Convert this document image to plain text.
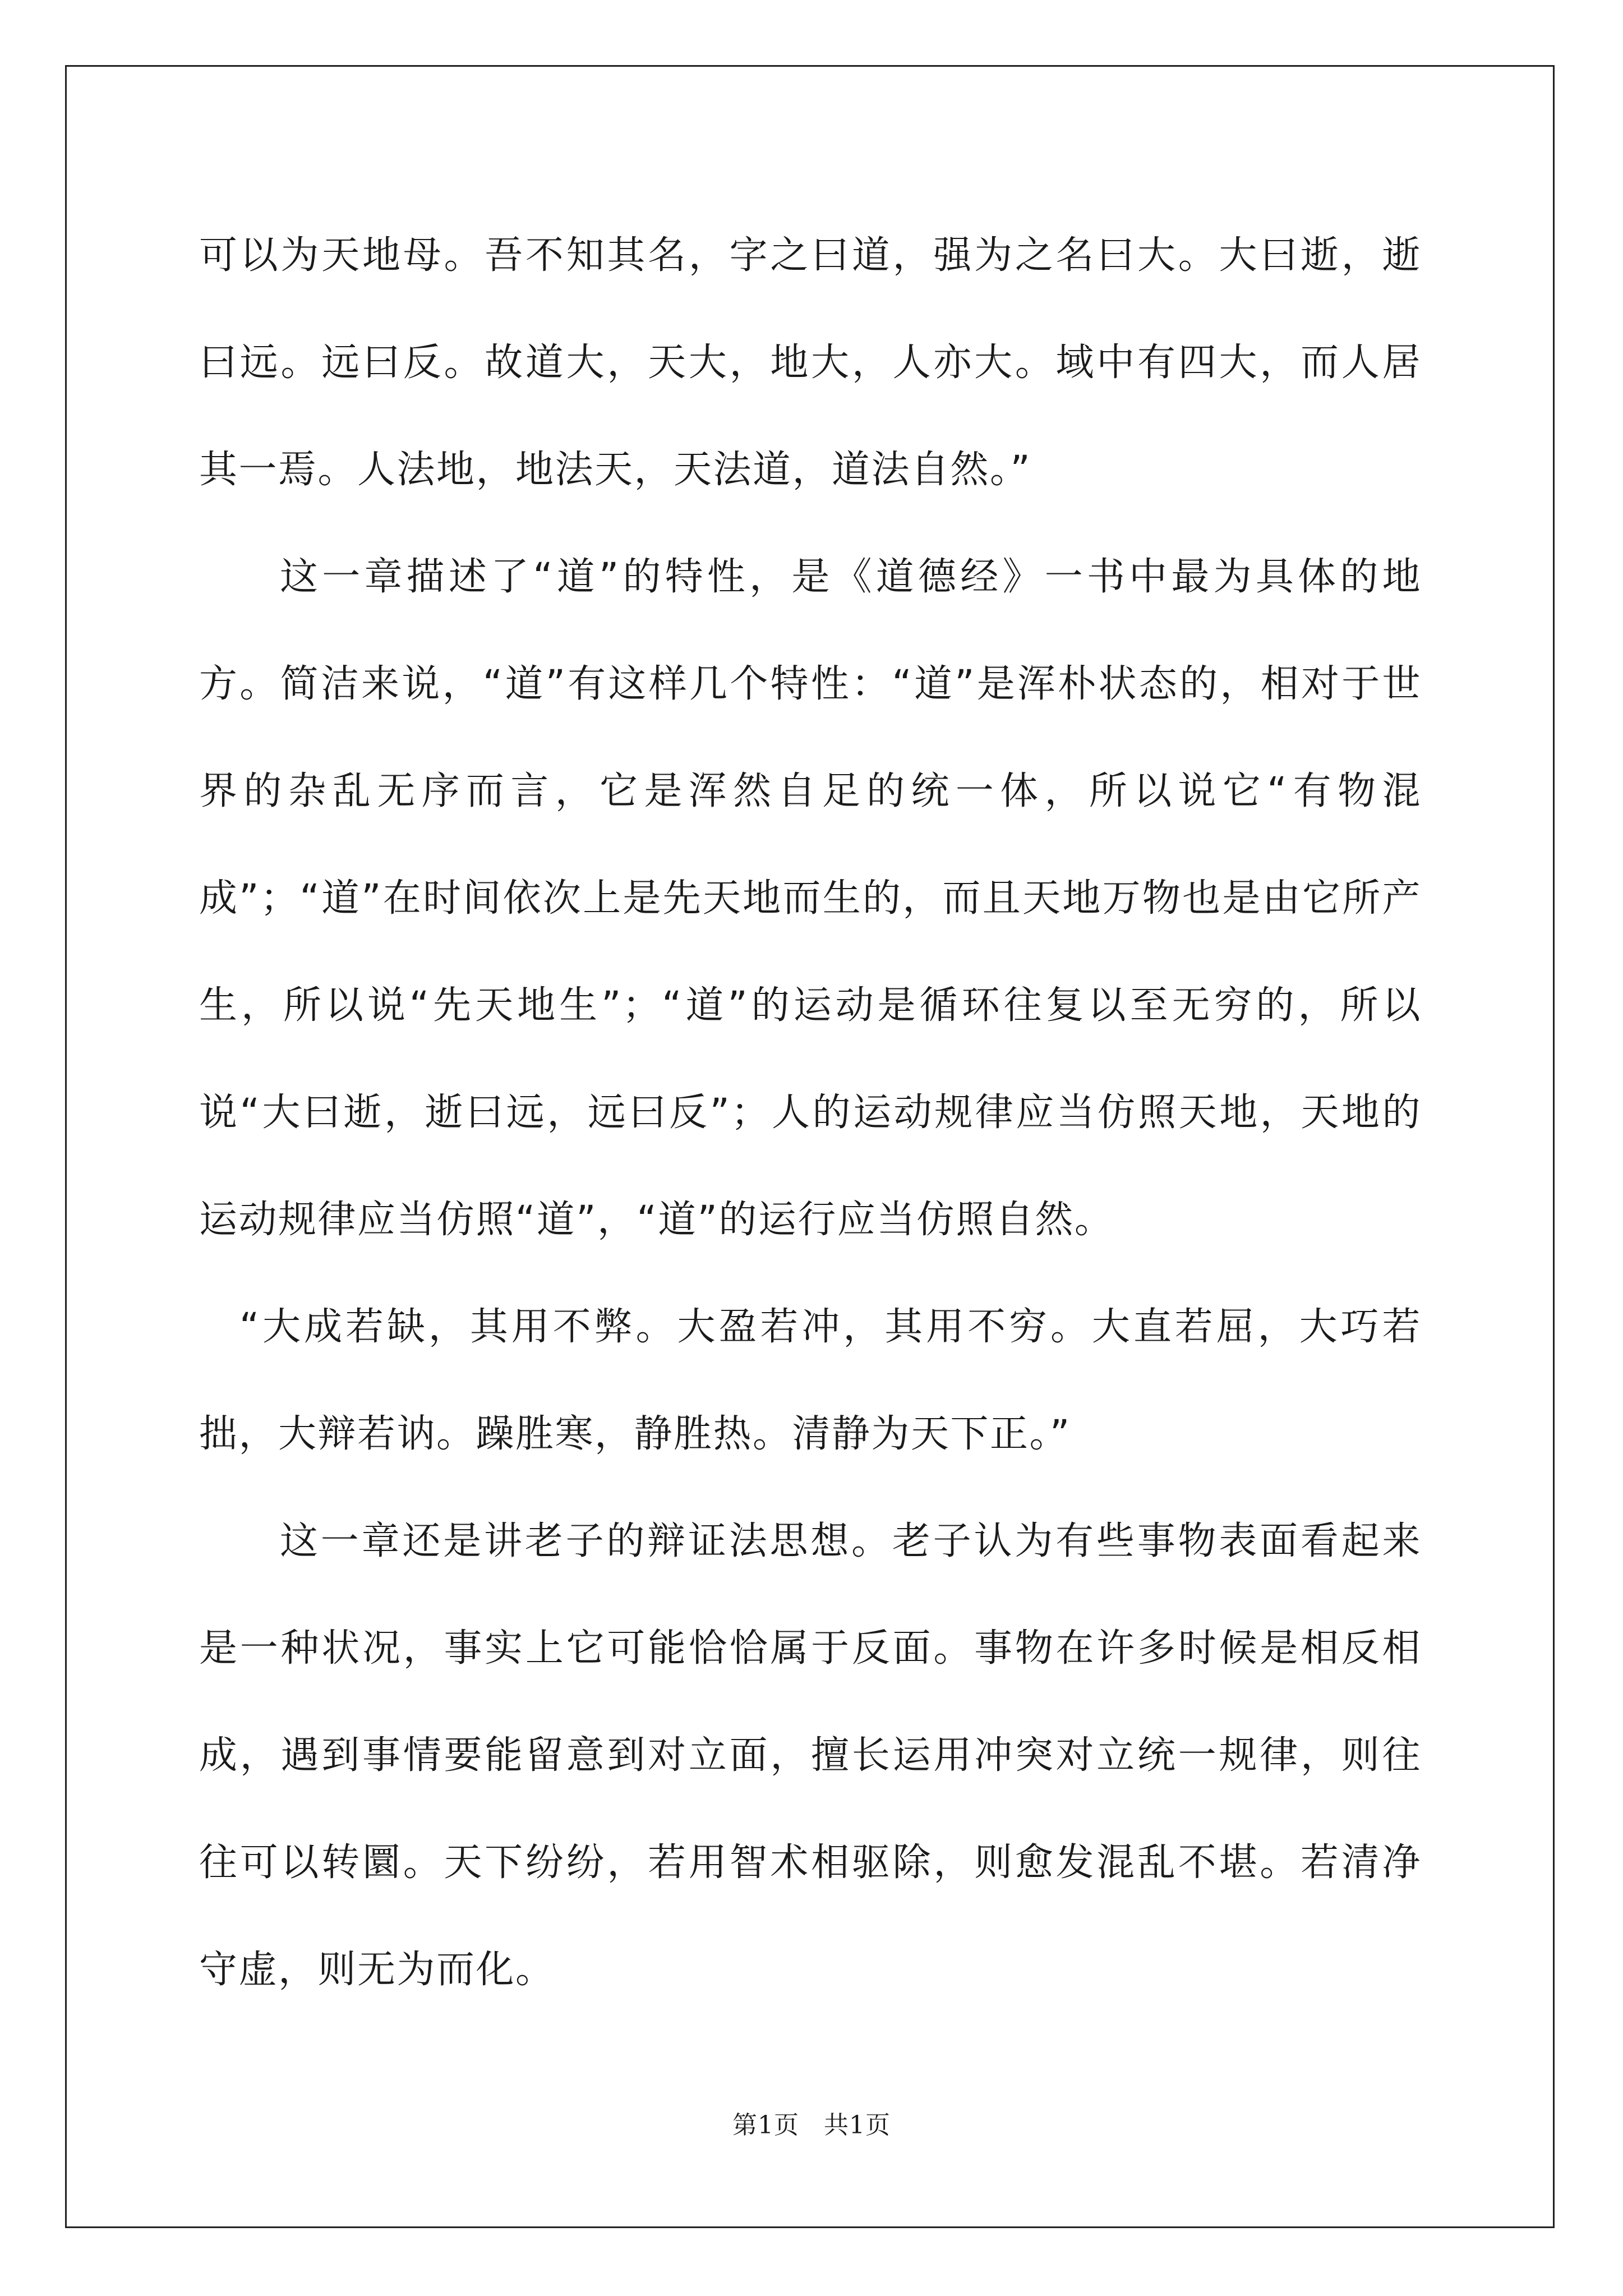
可以为天地母。吾不知其名，字之曰道，强为之名曰大。大曰逝，逝曰远。远曰反。故道大，天大，地大，人亦大。域中有四大，而人居其一焉。人法地，地法天，天法道，道法自然。”

这一章描述了“道”的特性，是《道德经》一书中最为具体的地方。简洁来说，“道”有这样几个特性：“道”是浑朴状态的，相对于世界的杂乱无序而言，它是浑然自足的统一体，所以说它“有物混成”；“道”在时间依次上是先天地而生的，而且天地万物也是由它所产生，所以说“先天地生”；“道”的运动是循环往复以至无穷的，所以说“大曰逝，逝曰远，远曰反”；人的运动规律应当仿照天地，天地的运动规律应当仿照“道”，“道”的运行应当仿照自然。

“大成若缺，其用不弊。大盈若冲，其用不穷。大直若屈，大巧若拙，大辩若讷。躁胜寒，静胜热。清静为天下正。”

这一章还是讲老子的辩证法思想。老子认为有些事物表面看起来是一种状况，事实上它可能恰恰属于反面。事物在许多时候是相反相成，遇到事情要能留意到对立面，擅长运用冲突对立统一规律，则往往可以转圜。天下纷纷，若用智术相驱除，则愈发混乱不堪。若清净守虚，则无为而化。

第1页 共1页
